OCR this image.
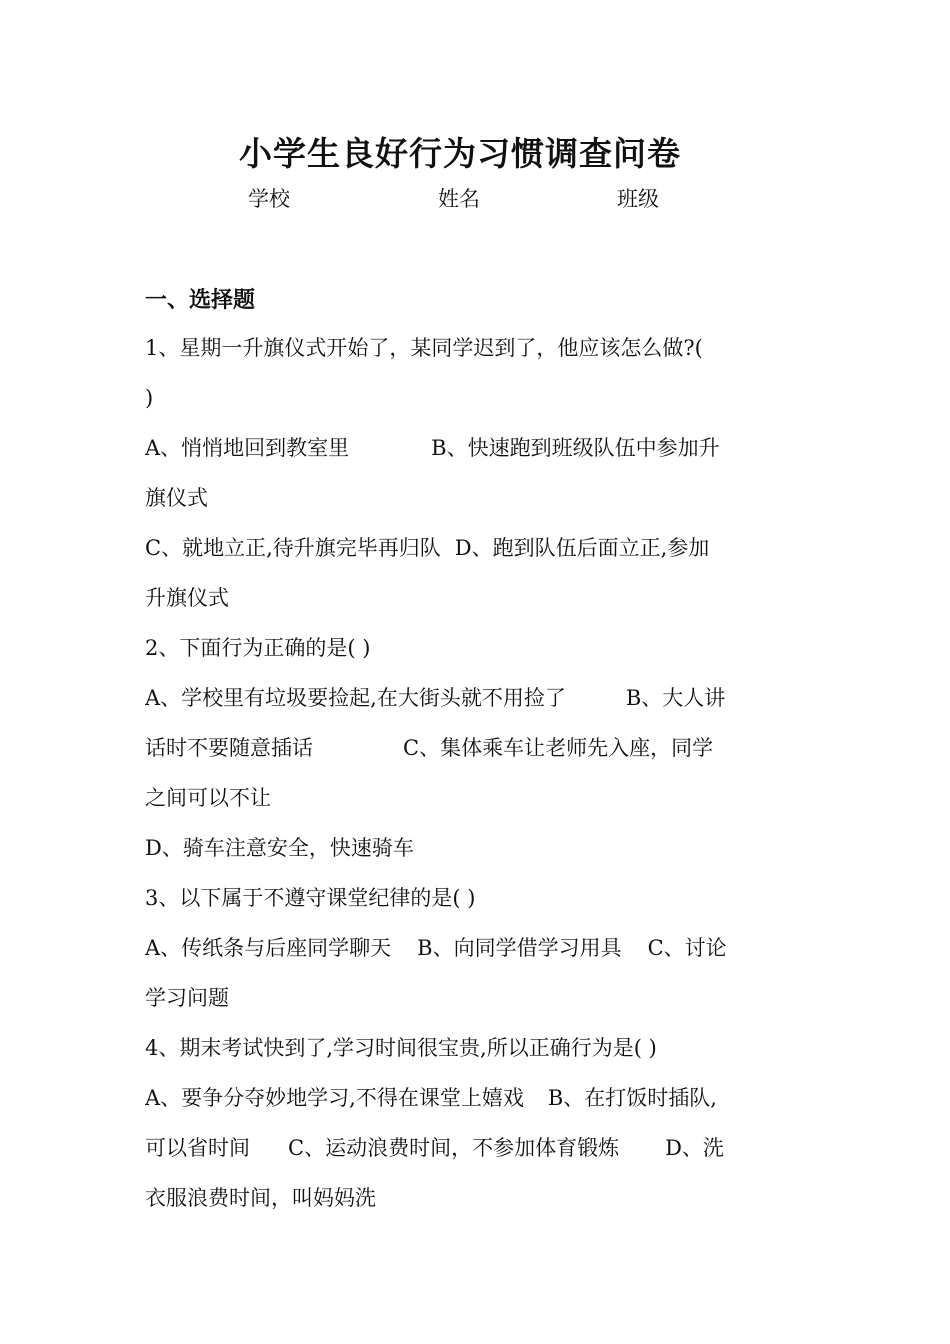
小学生良好行为习惯调查问卷
学校	姓名	班级
一、选择题
1、星期一升旗仪式开始了，某同学迟到了，他应该怎么做?(
)
A、悄悄地回到教室里	B、快速跑到班级队伍中参加升
旗仪式
C、就地立正,待升旗完毕再归队 D、跑到队伍后面立正,参加
升旗仪式
2、下面行为正确的是( )
A、学校里有垃圾要捡起,在大街头就不用捡了	B、大人讲
话时不要随意插话	C、集体乘车让老师先入座，同学
之间可以不让
D、骑车注意安全，快速骑车
3、以下属于不遵守课堂纪律的是( )
A、传纸条与后座同学聊天 B、向同学借学习用具 C、讨论
学习问题
4、期末考试快到了,学习时间很宝贵,所以正确行为是( )
A、要争分夺妙地学习,不得在课堂上嬉戏 B、在打饭时插队,
可以省时间 C、运动浪费时间，不参加体育锻炼 D、洗
衣服浪费时间，叫妈妈洗
